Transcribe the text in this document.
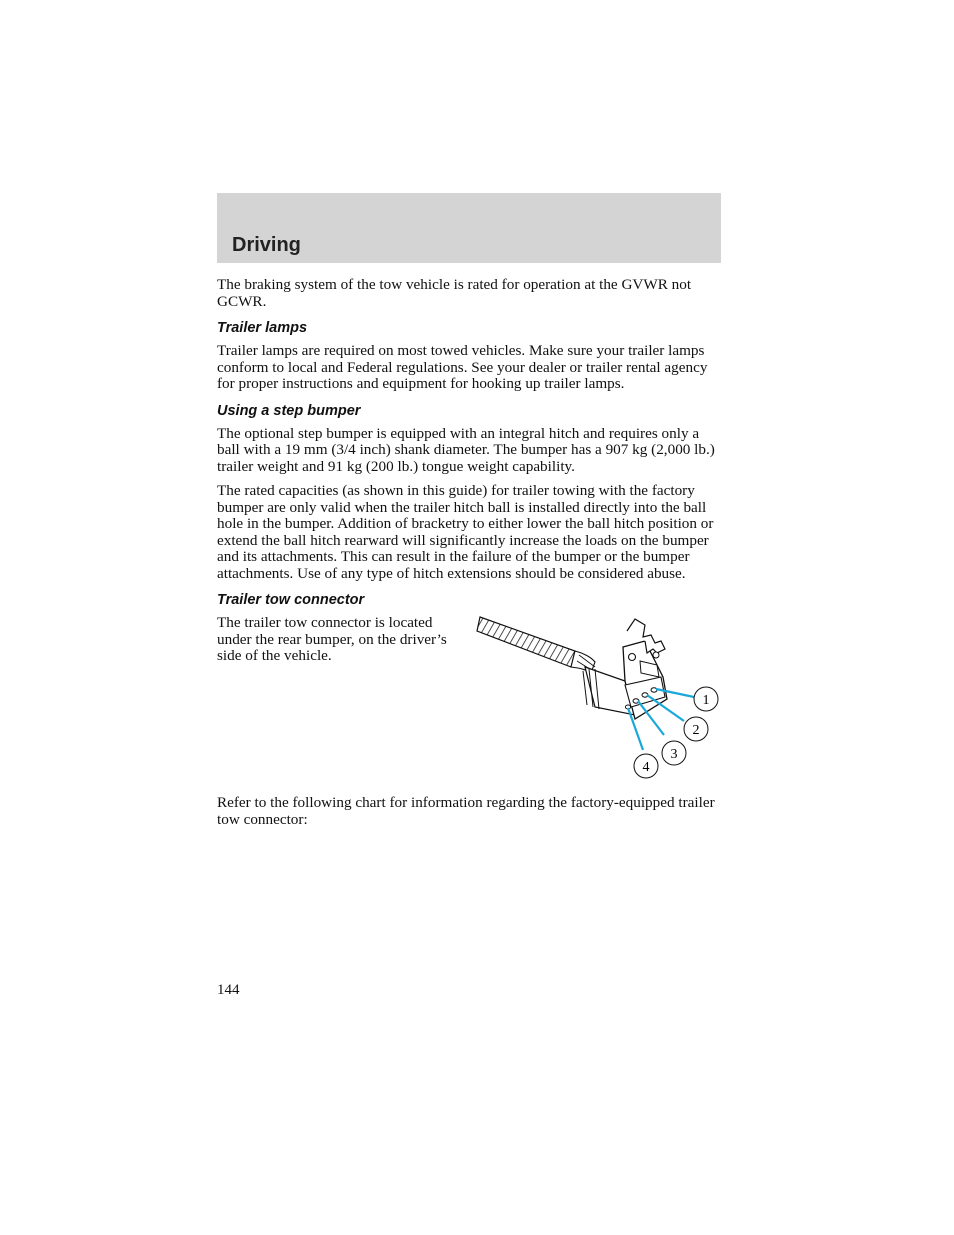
Driving

The braking system of the tow vehicle is rated for operation at the GVWR not GCWR.

Trailer lamps

Trailer lamps are required on most towed vehicles. Make sure your trailer lamps conform to local and Federal regulations. See your dealer or trailer rental agency for proper instructions and equipment for hooking up trailer lamps.

Using a step bumper

The optional step bumper is equipped with an integral hitch and requires only a ball with a 19 mm (3/4 inch) shank diameter. The bumper has a 907 kg (2,000 lb.) trailer weight and 91 kg (200 lb.) tongue weight capability.

The rated capacities (as shown in this guide) for trailer towing with the factory bumper are only valid when the trailer hitch ball is installed directly into the ball hole in the bumper. Addition of bracketry to either lower the ball hitch position or extend the ball hitch rearward will significantly increase the loads on the bumper and its attachments. This can result in the failure of the bumper or the bumper attachments. Use of any type of hitch extensions should be considered abuse.

Trailer tow connector

The trailer tow connector is located under the rear bumper, on the driver’s side of the vehicle.

1
2
3
4

Refer to the following chart for information regarding the factory-equipped trailer tow connector:

144
